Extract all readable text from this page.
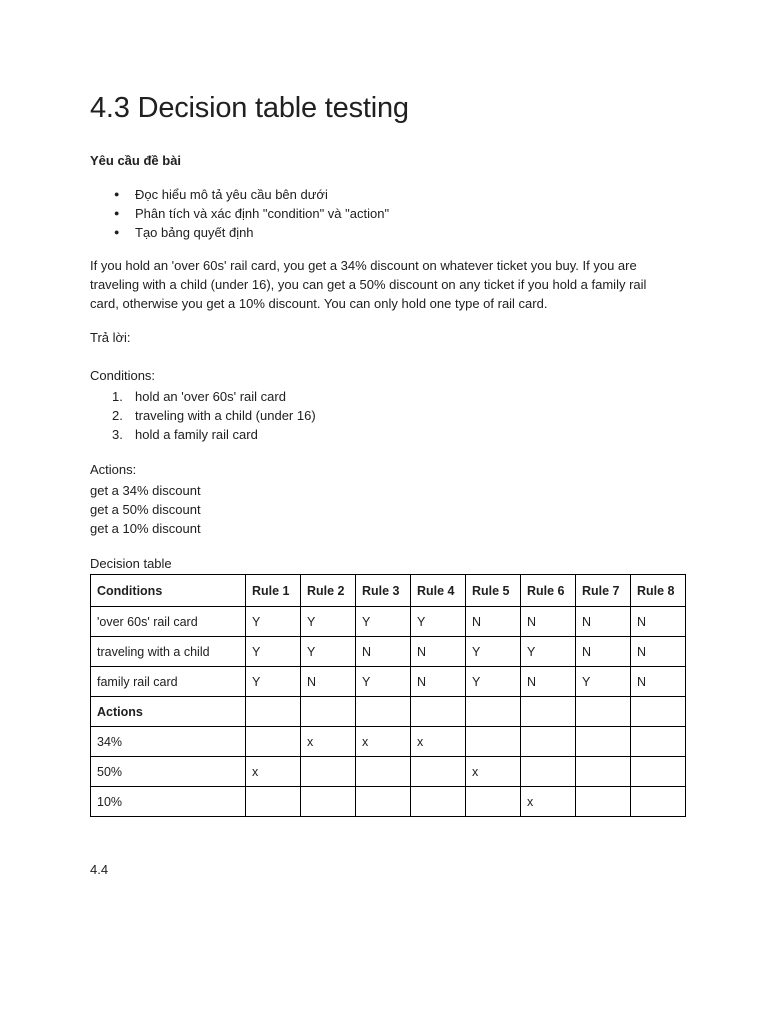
4.3 Decision table testing

Yêu cầu đề bài

● Đọc hiểu mô tả yêu cầu bên dưới
● Phân tích và xác định "condition" và "action"
● Tạo bảng quyết định

If you hold an 'over 60s' rail card, you get a 34% discount on whatever ticket you buy. If you are traveling with a child (under 16), you can get a 50% discount on any ticket if you hold a family rail card, otherwise you get a 10% discount. You can only hold one type of rail card.

Trả lời:

Conditions:

1. hold an 'over 60s' rail card
2. traveling with a child (under 16)
3. hold a family rail card

Actions:

get a 34% discount
get a 50% discount
get a 10% discount

Decision table

Conditions	Rule 1	Rule 2	Rule 3	Rule 4	Rule 5	Rule 6	Rule 7	Rule 8
'over 60s' rail card	Y	Y	Y	Y	N	N	N	N
traveling with a child	Y	Y	N	N	Y	Y	N	N
family rail card	Y	N	Y	N	Y	N	Y	N
Actions								
34%		x	x	x				
50%	x				x			
10%						x		

4.4
